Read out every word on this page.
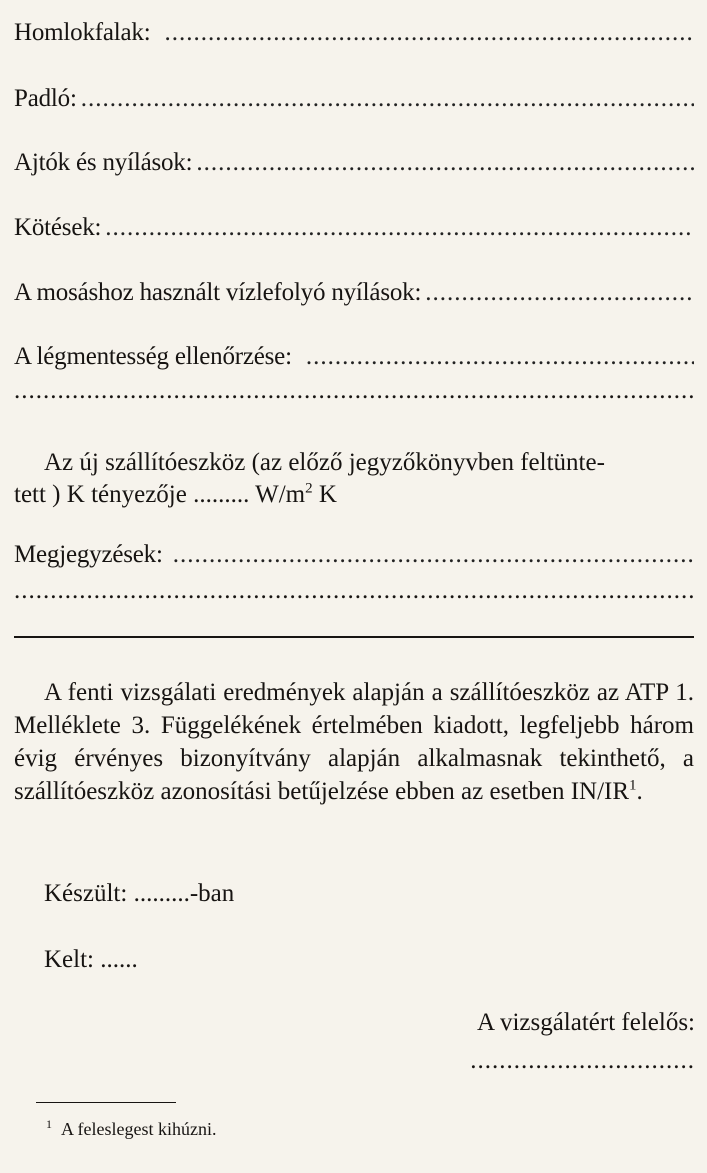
Homlokfalak:
.....
Padló:
.....
Ajtók és nyílások:
.....
Kötések:
.....
A mosáshoz használt vízlefolyó nyílások:
.....
A légmentesség ellenőrzése:
.....
.....
Az új szállítóeszköz (az előző jegyzőkönyvben feltünte-
tett ) K tényezője ......... $W/m^2$ K
Megjegyzések:
.....
.....
A fenti vizsgálati eredmények alapján a szállítóeszköz az ATP 1. Melléklete 3. Függelékének értelmében kiadott, legfeljebb három évig érvényes bizonyítvány alapján alkalmasnak tekinthető, a szállítóeszköz azonosítási betűjelzése ebben az esetben $IN/IR^1$.
Készült: .........-ban
Kelt: ......
A vizsgálatért felelős:
...............................
$^1$ A feleslegest kihúzni.
